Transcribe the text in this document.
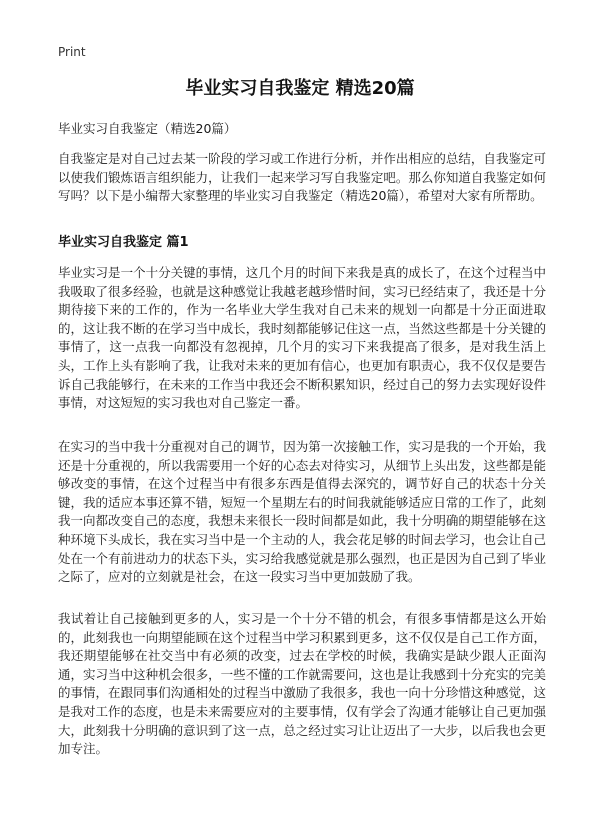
Print
毕业实习自我鉴定 精选20篇

毕业实习自我鉴定（精选20篇）

自我鉴定是对自己过去某一阶段的学习或工作进行分析，并作出相应的总结，自我鉴定可以使我们锻炼语言组织能力，让我们一起来学习写自我鉴定吧。那么你知道自我鉴定如何写吗？以下是小编帮大家整理的毕业实习自我鉴定（精选20篇），希望对大家有所帮助。

毕业实习自我鉴定 篇1

毕业实习是一个十分关键的事情，这几个月的时间下来我是真的成长了，在这个过程当中我吸取了很多经验，也就是这种感觉让我越老越珍惜时间，实习已经结束了，我还是十分期待接下来的工作的，作为一名毕业大学生我对自己未来的规划一向都是十分正面进取的，这让我不断的在学习当中成长，我时刻都能够记住这一点，当然这些都是十分关键的事情了，这一点我一向都没有忽视掉，几个月的实习下来我提高了很多，是对我生活上头，工作上头有影响了我，让我对未来的更加有信心，也更加有职责心，我不仅仅是要告诉自己我能够行，在未来的工作当中我还会不断积累知识，经过自己的努力去实现好设件事情，对这短短的实习我也对自己鉴定一番。

在实习的当中我十分重视对自己的调节，因为第一次接触工作，实习是我的一个开始，我还是十分重视的，所以我需要用一个好的心态去对待实习，从细节上头出发，这些都是能够改变的事情，在这个过程当中有很多东西是值得去深究的，调节好自己的状态十分关键，我的适应本事还算不错，短短一个星期左右的时间我就能够适应日常的工作了，此刻我一向都改变自己的态度，我想未来很长一段时间都是如此，我十分明确的期望能够在这种环境下头成长，我在实习当中是一个主动的人，我会花足够的时间去学习，也会让自己处在一个有前进动力的状态下头，实习给我感觉就是那么强烈，也正是因为自己到了毕业之际了，应对的立刻就是社会，在这一段实习当中更加鼓励了我。

我试着让自己接触到更多的人，实习是一个十分不错的机会，有很多事情都是这么开始的，此刻我也一向期望能顾在这个过程当中学习积累到更多，这不仅仅是自己工作方面，我还期望能够在社交当中有必须的改变，过去在学校的时候，我确实是缺少跟人正面沟通，实习当中这种机会很多，一些不懂的工作就需要问，这也是让我感到十分充实的完美的事情，在跟同事们沟通相处的过程当中激励了我很多，我也一向十分珍惜这种感觉，这是我对工作的态度，也是未来需要应对的主要事情，仅有学会了沟通才能够让自己更加强大，此刻我十分明确的意识到了这一点，总之经过实习让让迈出了一大步，以后我也会更加专注。
